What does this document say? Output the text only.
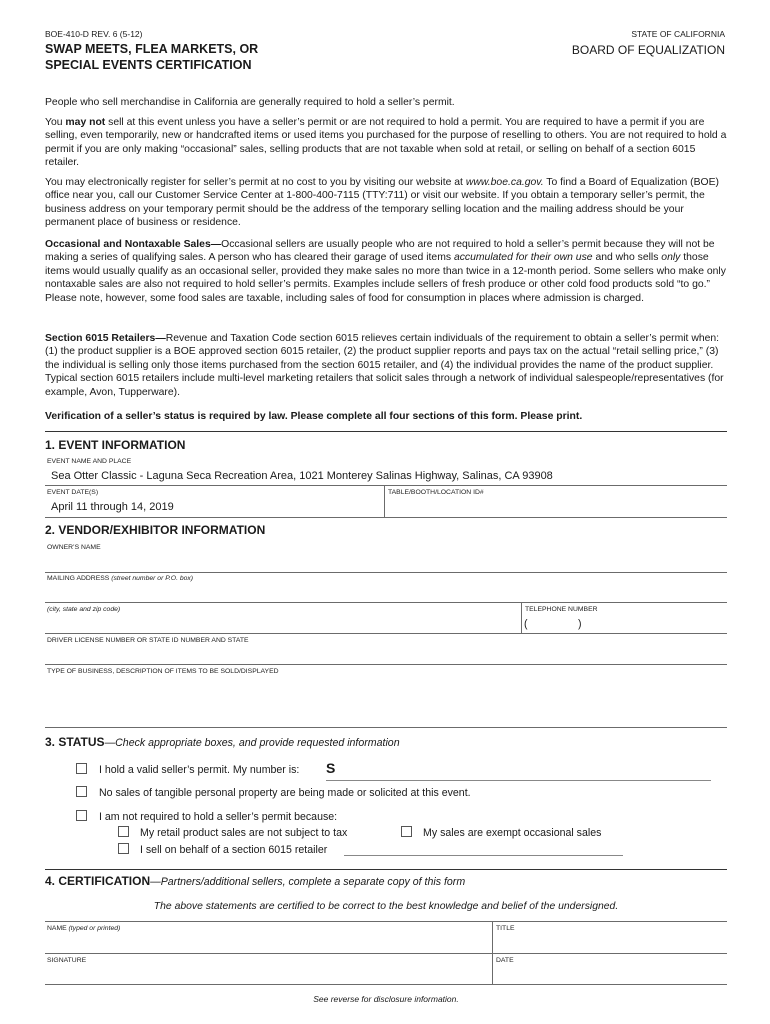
BOE-410-D REV. 6 (5-12)	STATE OF CALIFORNIA
BOARD OF EQUALIZATION
SWAP MEETS, FLEA MARKETS, OR
SPECIAL EVENTS CERTIFICATION
People who sell merchandise in California are generally required to hold a seller’s permit.
You may not sell at this event unless you have a seller’s permit or are not required to hold a permit. You are required to have a permit if you are selling, even temporarily, new or handcrafted items or used items you purchased for the purpose of reselling to others. You are not required to hold a permit if you are only making “occasional” sales, selling products that are not taxable when sold at retail, or selling on behalf of a section 6015 retailer.
You may electronically register for seller’s permit at no cost to you by visiting our website at www.boe.ca.gov. To find a Board of Equalization (BOE) office near you, call our Customer Service Center at 1-800-400-7115 (TTY:711) or visit our website. If you obtain a temporary seller’s permit, the business address on your temporary permit should be the address of the temporary selling location and the mailing address should be your permanent place of business or residence.
Occasional and Nontaxable Sales—Occasional sellers are usually people who are not required to hold a seller’s permit because they will not be making a series of qualifying sales. A person who has cleared their garage of used items accumulated for their own use and who sells only those items would usually qualify as an occasional seller, provided they make sales no more than twice in a 12-month period. Some sellers who make only nontaxable sales are also not required to hold seller’s permits. Examples include sellers of fresh produce or other cold food products sold “to go.” Please note, however, some food sales are taxable, including sales of food for consumption in places where admission is charged.
Section 6015 Retailers—Revenue and Taxation Code section 6015 relieves certain individuals of the requirement to obtain a seller’s permit when: (1) the product supplier is a BOE approved section 6015 retailer, (2) the product supplier reports and pays tax on the actual “retail selling price,” (3) the individual is selling only those items purchased from the section 6015 retailer, and (4) the individual provides the name of the product supplier. Typical section 6015 retailers include multi-level marketing retailers that solicit sales through a network of individual salespeople/representatives (for example, Avon, Tupperware).
Verification of a seller’s status is required by law. Please complete all four sections of this form. Please print.
1. EVENT INFORMATION
EVENT NAME AND PLACE
Sea Otter Classic - Laguna Seca Recreation Area, 1021 Monterey Salinas Highway, Salinas, CA 93908
EVENT DATE(S)
April 11 through 14, 2019
TABLE/BOOTH/LOCATION ID#
2. VENDOR/EXHIBITOR INFORMATION
OWNER’S NAME
MAILING ADDRESS (street number or P.O. box)
(city, state and zip code)	TELEPHONE NUMBER
(	)
DRIVER LICENSE NUMBER OR STATE ID NUMBER AND STATE
TYPE OF BUSINESS, DESCRIPTION OF ITEMS TO BE SOLD/DISPLAYED
3. STATUS—Check appropriate boxes, and provide requested information
I hold a valid seller’s permit. My number is: S
No sales of tangible personal property are being made or solicited at this event.
I am not required to hold a seller’s permit because:
My retail product sales are not subject to tax	My sales are exempt occasional sales
I sell on behalf of a section 6015 retailer
4. CERTIFICATION—Partners/additional sellers, complete a separate copy of this form
The above statements are certified to be correct to the best knowledge and belief of the undersigned.
NAME (typed or printed)	TITLE
SIGNATURE	DATE
See reverse for disclosure information.
